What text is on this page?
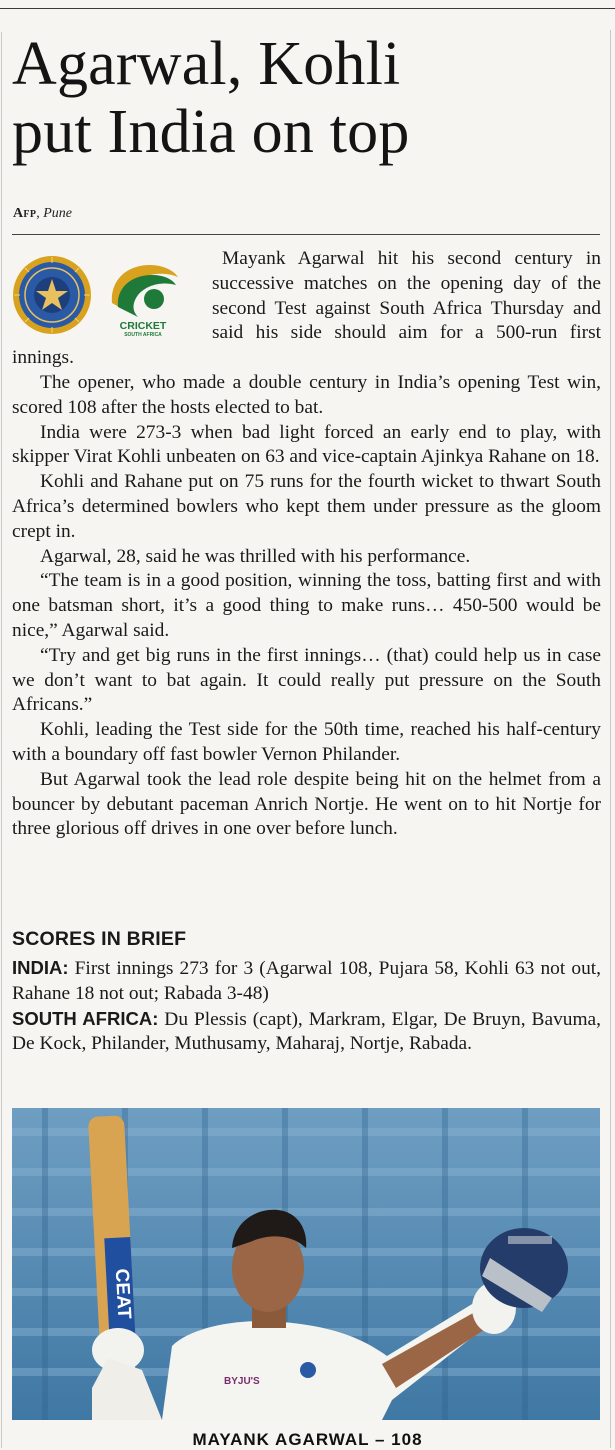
Agarwal, Kohli
put India on top

Afp, Pune

Mayank Agarwal hit his second century in successive matches on the opening day of the second Test against South Africa Thursday and said his side should aim for a 500-run first innings.

The opener, who made a double century in India’s opening Test win, scored 108 after the hosts elected to bat.

India were 273-3 when bad light forced an early end to play, with skipper Virat Kohli unbeaten on 63 and vice-captain Ajinkya Rahane on 18.

Kohli and Rahane put on 75 runs for the fourth wicket to thwart South Africa’s determined bowlers who kept them under pressure as the gloom crept in.

Agarwal, 28, said he was thrilled with his performance.

“The team is in a good position, winning the toss, batting first and with one batsman short, it’s a good thing to make runs… 450-500 would be nice,” Agarwal said.

“Try and get big runs in the first innings… (that) could help us in case we don’t want to bat again. It could really put pressure on the South Africans.”

Kohli, leading the Test side for the 50th time, reached his half-century with a boundary off fast bowler Vernon Philander.

But Agarwal took the lead role despite being hit on the helmet from a bouncer by debutant paceman Anrich Nortje. He went on to hit Nortje for three glorious off drives in one over before lunch.

CRICKET
SOUTH AFRICA
SCORES IN BRIEF

INDIA: First innings 273 for 3 (Agarwal 108, Pujara 58, Kohli 63 not out, Rahane 18 not out; Rabada 3-48)

SOUTH AFRICA: Du Plessis (capt), Markram, Elgar, De Bruyn, Bavuma, De Kock, Philander, Muthusamy, Maharaj, Nortje, Rabada.

CEAT
BYJU'S

MAYANK AGARWAL – 108
